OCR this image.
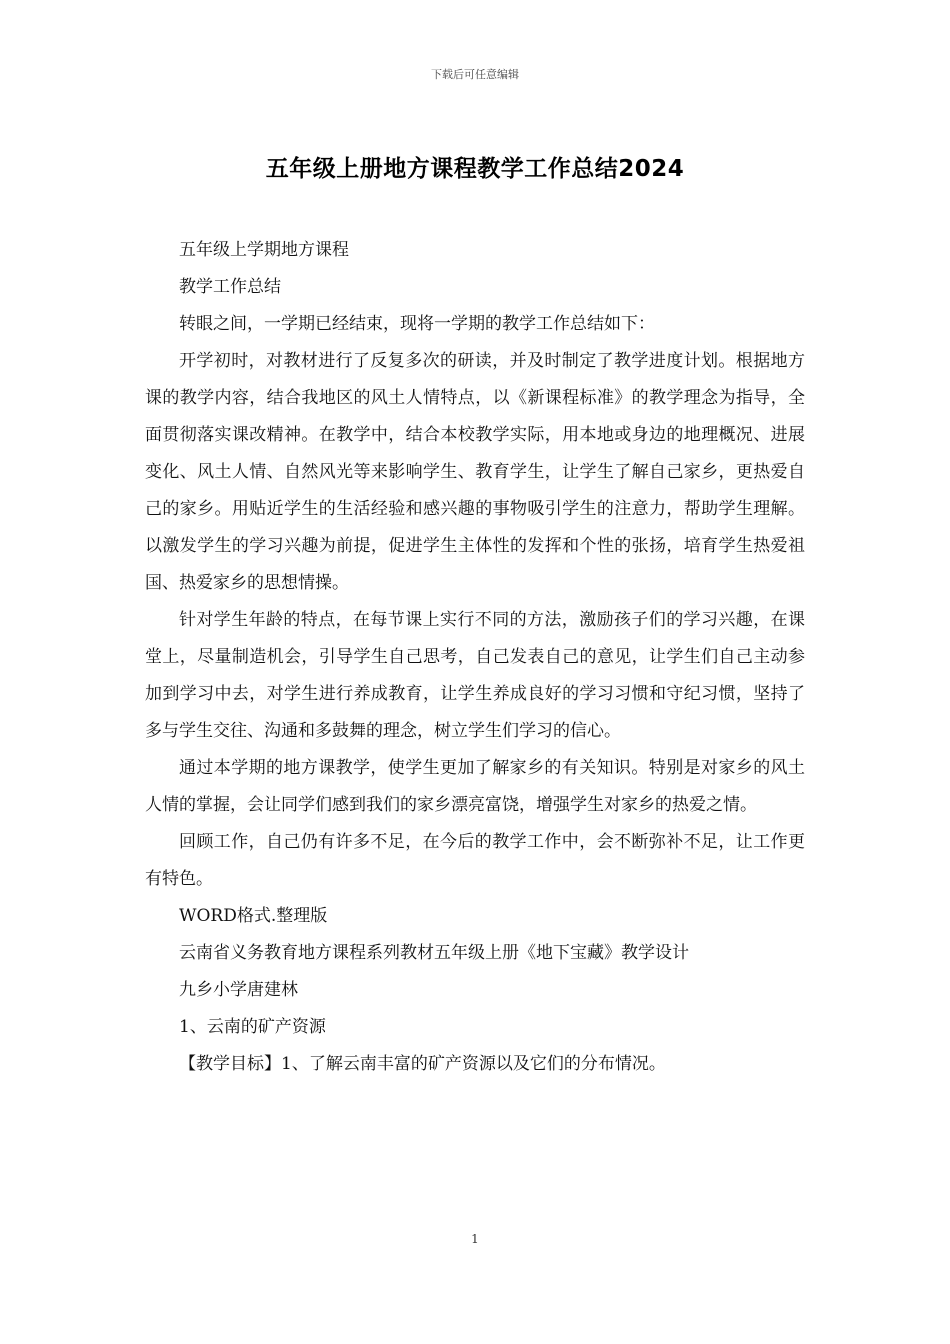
下载后可任意编辑
五年级上册地方课程教学工作总结2024

五年级上学期地方课程

教学工作总结

转眼之间，一学期已经结束，现将一学期的教学工作总结如下：

开学初时，对教材进行了反复多次的研读，并及时制定了教学进度计划。根据地方课的教学内容，结合我地区的风土人情特点，以《新课程标准》的教学理念为指导，全面贯彻落实课改精神。在教学中，结合本校教学实际，用本地或身边的地理概况、进展变化、风土人情、自然风光等来影响学生、教育学生，让学生了解自己家乡，更热爱自己的家乡。用贴近学生的生活经验和感兴趣的事物吸引学生的注意力，帮助学生理解。以激发学生的学习兴趣为前提，促进学生主体性的发挥和个性的张扬，培育学生热爱祖国、热爱家乡的思想情操。

针对学生年龄的特点，在每节课上实行不同的方法，激励孩子们的学习兴趣，在课堂上，尽量制造机会，引导学生自己思考，自己发表自己的意见，让学生们自己主动参加到学习中去，对学生进行养成教育，让学生养成良好的学习习惯和守纪习惯，坚持了多与学生交往、沟通和多鼓舞的理念，树立学生们学习的信心。

通过本学期的地方课教学，使学生更加了解家乡的有关知识。特别是对家乡的风土人情的掌握，会让同学们感到我们的家乡漂亮富饶，增强学生对家乡的热爱之情。

回顾工作，自己仍有许多不足，在今后的教学工作中，会不断弥补不足，让工作更有特色。

WORD格式.整理版

云南省义务教育地方课程系列教材五年级上册《地下宝藏》教学设计

九乡小学唐建林

1、云南的矿产资源

【教学目标】1、了解云南丰富的矿产资源以及它们的分布情况。

1
